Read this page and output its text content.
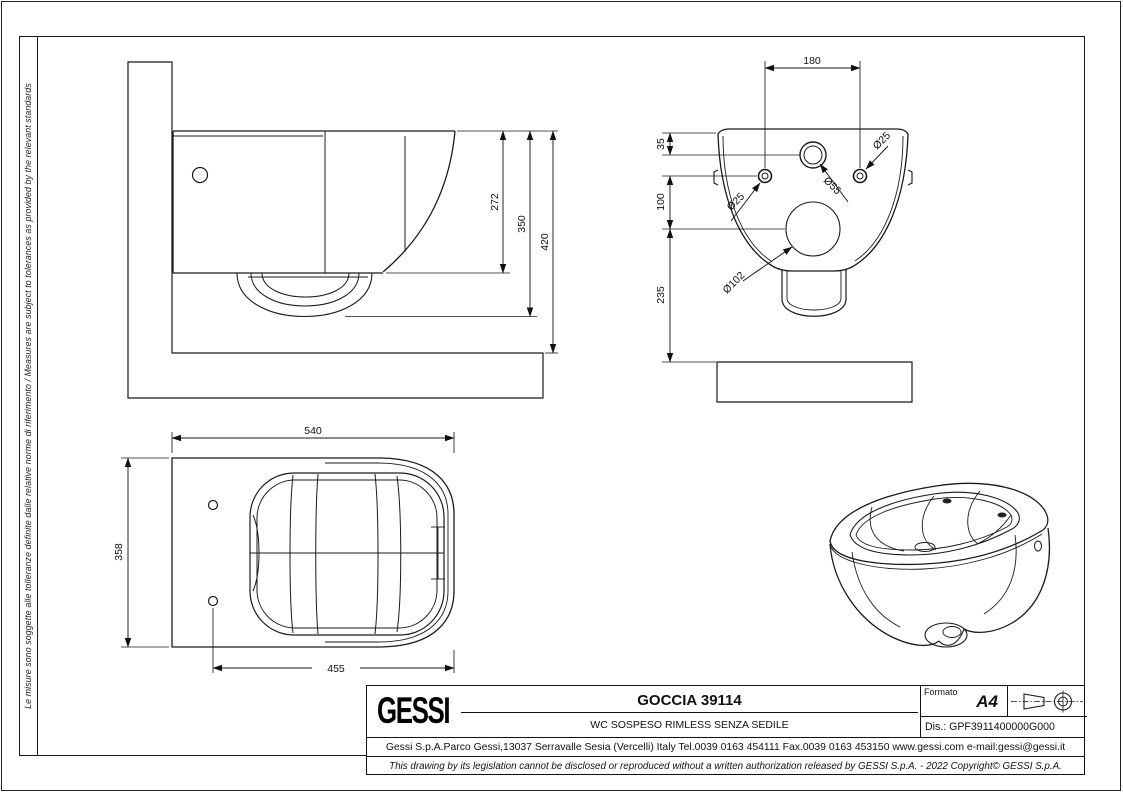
Le misure sono soggette alle tolleranze definite dalle relative norme di riferimento / Measures are subject to tolerances as provided by the relevant standards	272
350
420
180
35
100
235
Ø25
Ø55
Ø25
Ø102
540
358
455
GESSI	GOCCIA 39114
WC SOSPESO RIMLESS SENZA SEDILE
Formato A4
Dis.: GPF3911400000G000
Gessi S.p.A.Parco Gessi,13037 Serravalle Sesia (Vercelli) Italy Tel.0039 0163 454111 Fax.0039 0163 453150 www.gessi.com e-mail:gessi@gessi.it
This drawing by its legislation cannot be disclosed or reproduced without a written authorization released by GESSI S.p.A. - 2022 Copyright© GESSI S.p.A.
